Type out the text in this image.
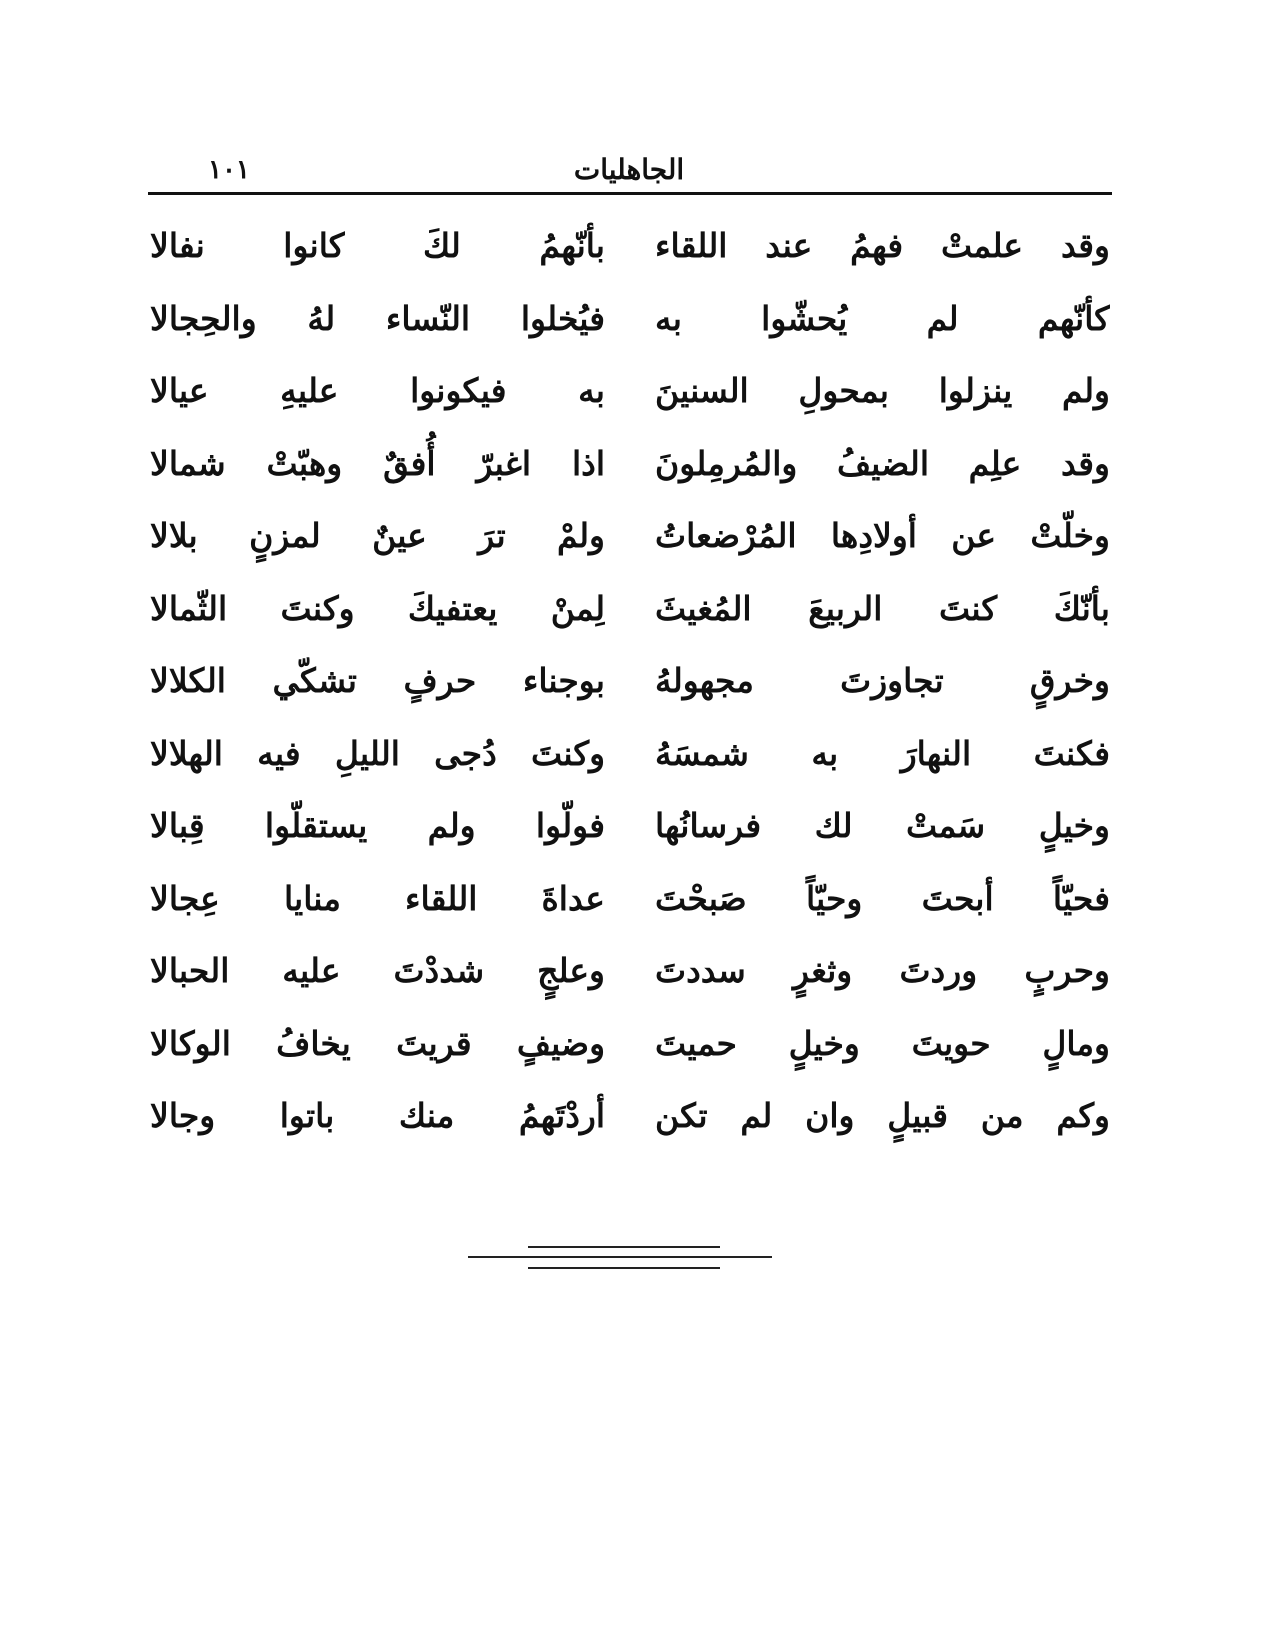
الجاهليات
١٠١
وقد علمتْ فهمُ عند اللقاء
بأنّهمُ لكَ كانوا نفالا
كأنّهم لم يُحشّوا به
فيُخلوا النّساء لهُ والحِجالا
ولم ينزلوا بمحولِ السنينَ
به فيكونوا عليهِ عيالا
وقد علِم الضيفُ والمُرمِلونَ
اذا اغبرّ أُفقٌ وهبّتْ شمالا
وخلّتْ عن أولادِها المُرْضعاتُ
ولمْ ترَ عينٌ لمزنٍ بلالا
بأنّكَ كنتَ الربيعَ المُغيثَ
لِمنْ يعتفيكَ وكنتَ الثّمالا
وخرقٍ تجاوزتَ مجهولهُ
بوجناء حرفٍ تشكّي الكلالا
فكنتَ النهارَ به شمسَهُ
وكنتَ دُجى الليلِ فيه الهلالا
وخيلٍ سَمتْ لك فرسانُها
فولّوا ولم يستقلّوا قِبالا
فحيّاً أبحتَ وحيّاً صَبحْتَ
عداةَ اللقاء منايا عِجالا
وحربٍ وردتَ وثغرٍ سددتَ
وعلجٍ شددْتَ عليه الحبالا
ومالٍ حويتَ وخيلٍ حميتَ
وضيفٍ قريتَ يخافُ الوكالا
وكم من قبيلٍ وان لم تكن
أردْتَهمُ منك باتوا وجالا
